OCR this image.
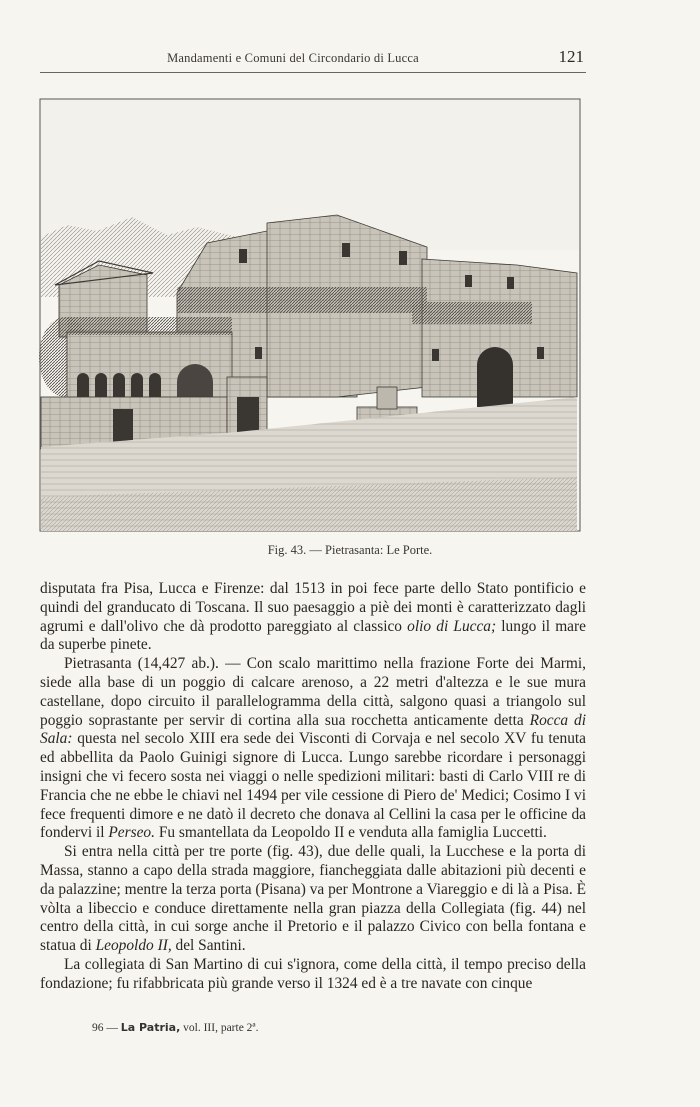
Mandamenti e Comuni del Circondario di Lucca	121
Fig. 43. — Pietrasanta: Le Porte.

disputata fra Pisa, Lucca e Firenze: dal 1513 in poi fece parte dello Stato pontificio e quindi del granducato di Toscana. Il suo paesaggio a piè dei monti è caratterizzato dagli agrumi e dall'olivo che dà prodotto pareggiato al classico olio di Lucca; lungo il mare da superbe pinete.

Pietrasanta (14,427 ab.). — Con scalo marittimo nella frazione Forte dei Marmi, siede alla base di un poggio di calcare arenoso, a 22 metri d'altezza e le sue mura castellane, dopo circuito il parallelogramma della città, salgono quasi a triangolo sul poggio soprastante per servir di cortina alla sua rocchetta anticamente detta Rocca di Sala: questa nel secolo XIII era sede dei Visconti di Corvaja e nel secolo XV fu tenuta ed abbellita da Paolo Guinigi signore di Lucca. Lungo sarebbe ricordare i personaggi insigni che vi fecero sosta nei viaggi o nelle spedizioni militari: basti di Carlo VIII re di Francia che ne ebbe le chiavi nel 1494 per vile cessione di Piero de' Medici; Cosimo I vi fece frequenti dimore e ne datò il decreto che donava al Cellini la casa per le officine da fondervi il Perseo. Fu smantellata da Leopoldo II e venduta alla famiglia Luccetti.

Si entra nella città per tre porte (fig. 43), due delle quali, la Lucchese e la porta di Massa, stanno a capo della strada maggiore, fiancheggiata dalle abitazioni più decenti e da palazzine; mentre la terza porta (Pisana) va per Montrone a Viareggio e di là a Pisa. È vòlta a libeccio e conduce direttamente nella gran piazza della Collegiata (fig. 44) nel centro della città, in cui sorge anche il Pretorio e il palazzo Civico con bella fontana e statua di Leopoldo II, del Santini.

La collegiata di San Martino di cui s'ignora, come della città, il tempo preciso della fondazione; fu rifabbricata più grande verso il 1324 ed è a tre navate con cinque

96 — La Patria, vol. III, parte 2ª.
